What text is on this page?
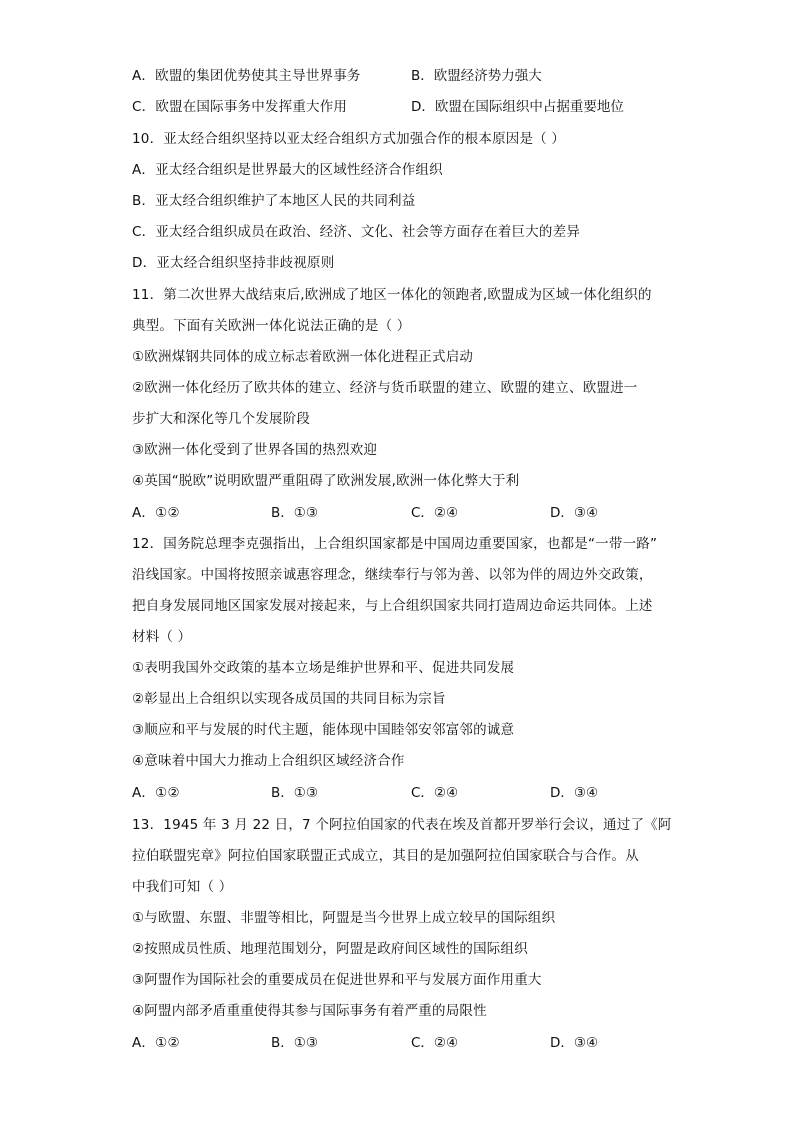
A．欧盟的集团优势使其主导世界事务	B．欧盟经济势力强大
C．欧盟在国际事务中发挥重大作用	D．欧盟在国际组织中占据重要地位
10．亚太经合组织坚持以亚太经合组织方式加强合作的根本原因是（ ）
A．亚太经合组织是世界最大的区域性经济合作组织
B．亚太经合组织维护了本地区人民的共同利益
C．亚太经合组织成员在政治、经济、文化、社会等方面存在着巨大的差异
D．亚太经合组织坚持非歧视原则
11．第二次世界大战结束后,欧洲成了地区一体化的领跑者,欧盟成为区域一体化组织的
典型。下面有关欧洲一体化说法正确的是（ ）
①欧洲煤钢共同体的成立标志着欧洲一体化进程正式启动
②欧洲一体化经历了欧共体的建立、经济与货币联盟的建立、欧盟的建立、欧盟进一
步扩大和深化等几个发展阶段
③欧洲一体化受到了世界各国的热烈欢迎
④英国“脱欧”说明欧盟严重阻碍了欧洲发展,欧洲一体化弊大于利
A．①②	B．①③	C．②④	D．③④
12．国务院总理李克强指出，上合组织国家都是中国周边重要国家，也都是“一带一路”
沿线国家。中国将按照亲诚惠容理念，继续奉行与邻为善、以邻为伴的周边外交政策，
把自身发展同地区国家发展对接起来，与上合组织国家共同打造周边命运共同体。上述
材料（ ）
①表明我国外交政策的基本立场是维护世界和平、促进共同发展
②彰显出上合组织以实现各成员国的共同目标为宗旨
③顺应和平与发展的时代主题，能体现中国睦邻安邻富邻的诚意
④意味着中国大力推动上合组织区域经济合作
A．①②	B．①③	C．②④	D．③④
13．1945 年 3 月 22 日，7 个阿拉伯国家的代表在埃及首都开罗举行会议，通过了《阿
拉伯联盟宪章》阿拉伯国家联盟正式成立，其目的是加强阿拉伯国家联合与合作。从
中我们可知（ ）
①与欧盟、东盟、非盟等相比，阿盟是当今世界上成立较早的国际组织
②按照成员性质、地理范围划分，阿盟是政府间区域性的国际组织
③阿盟作为国际社会的重要成员在促进世界和平与发展方面作用重大
④阿盟内部矛盾重重使得其参与国际事务有着严重的局限性
A．①②	B．①③	C．②④	D．③④
